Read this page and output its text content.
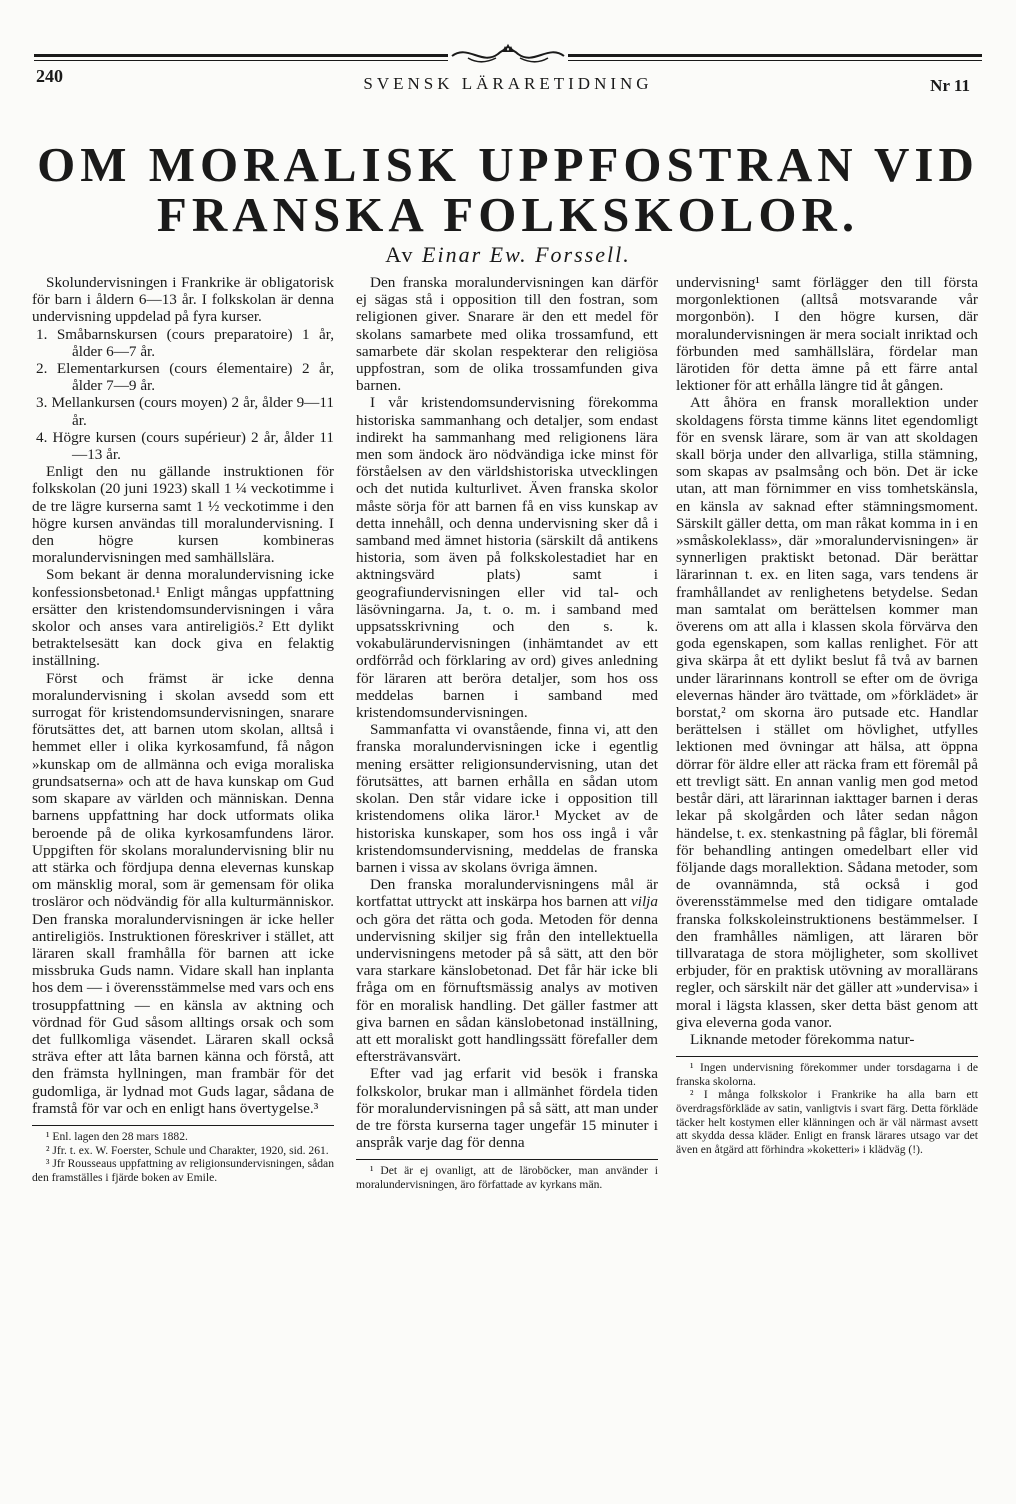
240	SVENSK LÄRARETIDNING	Nr 11
OM MORALISK UPPFOSTRAN VID
FRANSKA FOLKSKOLOR.
Av Einar Ew. Forssell.

Skolundervisningen i Frankrike är obligatorisk för barn i åldern 6—13 år. I folkskolan är denna undervisning uppdelad på fyra kurser.

1. Småbarnskursen (cours preparatoire) 1 år, ålder 6—7 år.
2. Elementarkursen (cours élementaire) 2 år, ålder 7—9 år.
3. Mellankursen (cours moyen) 2 år, ålder 9—11 år.
4. Högre kursen (cours supérieur) 2 år, ålder 11—13 år.

Enligt den nu gällande instruktionen för folkskolan (20 juni 1923) skall 1 ¼ veckotimme i de tre lägre kurserna samt 1 ½ veckotimme i den högre kursen användas till moralundervisning. I den högre kursen kombineras moralundervisningen med samhällslära.

Som bekant är denna moralundervisning icke konfessionsbetonad.¹ Enligt mångas uppfattning ersätter den kristendomsundervisningen i våra skolor och anses vara antireligiös.² Ett dylikt betraktelsesätt kan dock giva en felaktig inställning.

Först och främst är icke denna moralundervisning i skolan avsedd som ett surrogat för kristendomsundervisningen, snarare förutsättes det, att barnen utom skolan, alltså i hemmet eller i olika kyrkosamfund, få någon »kunskap om de allmänna och eviga moraliska grundsatserna» och att de hava kunskap om Gud som skapare av världen och människan. Denna barnens uppfattning har dock utformats olika beroende på de olika kyrkosamfundens läror. Uppgiften för skolans moralundervisning blir nu att stärka och fördjupa denna elevernas kunskap om mänsklig moral, som är gemensam för olika trosläror och nödvändig för alla kulturmänniskor. Den franska moralundervisningen är icke heller antireligiös. Instruktionen föreskriver i stället, att läraren skall framhålla för barnen att icke missbruka Guds namn. Vidare skall han inplanta hos dem — i överensstämmelse med vars och ens trosuppfattning — en känsla av aktning och vördnad för Gud såsom alltings orsak och som det fullkomliga väsendet. Läraren skall också sträva efter att låta barnen känna och förstå, att den främsta hyllningen, man frambär för det gudomliga, är lydnad mot Guds lagar, sådana de framstå för var och en enligt hans övertygelse.³

¹ Enl. lagen den 28 mars 1882.

² Jfr. t. ex. W. Foerster, Schule und Charakter, 1920, sid. 261.

³ Jfr Rousseaus uppfattning av religionsundervisningen, sådan den framställes i fjärde boken av Emile.

Den franska moralundervisningen kan därför ej sägas stå i opposition till den fostran, som religionen giver. Snarare är den ett medel för skolans samarbete med olika trossamfund, ett samarbete där skolan respekterar den religiösa uppfostran, som de olika trossamfunden giva barnen.

I vår kristendomsundervisning förekomma historiska sammanhang och detaljer, som endast indirekt ha sammanhang med religionens lära men som ändock äro nödvändiga icke minst för förståelsen av den världshistoriska utvecklingen och det nutida kulturlivet. Även franska skolor måste sörja för att barnen få en viss kunskap av detta innehåll, och denna undervisning sker då i samband med ämnet historia (särskilt då antikens historia, som även på folkskolestadiet har en aktningsvärd plats) samt i geografiundervisningen eller vid tal- och läsövningarna. Ja, t. o. m. i samband med uppsatsskrivning och den s. k. vokabulärundervisningen (inhämtandet av ett ordförråd och förklaring av ord) gives anledning för läraren att beröra detaljer, som hos oss meddelas barnen i samband med kristendomsundervisningen.

Sammanfatta vi ovanstående, finna vi, att den franska moralundervisningen icke i egentlig mening ersätter religionsundervisning, utan det förutsättes, att barnen erhålla en sådan utom skolan. Den står vidare icke i opposition till kristendomens olika läror.¹ Mycket av de historiska kunskaper, som hos oss ingå i vår kristendomsundervisning, meddelas de franska barnen i vissa av skolans övriga ämnen.

Den franska moralundervisningens mål är kortfattat uttryckt att inskärpa hos barnen att vilja och göra det rätta och goda. Metoden för denna undervisning skiljer sig från den intellektuella undervisningens metoder på så sätt, att den bör vara starkare känslobetonad. Det får här icke bli fråga om en förnuftsmässig analys av motiven för en moralisk handling. Det gäller fastmer att giva barnen en sådan känslobetonad inställning, att ett moraliskt gott handlingssätt förefaller dem eftersträvansvärt.

Efter vad jag erfarit vid besök i franska folkskolor, brukar man i allmänhet fördela tiden för moralundervisningen på så sätt, att man under de tre första kurserna tager ungefär 15 minuter i anspråk varje dag för denna

¹ Det är ej ovanligt, att de läroböcker, man använder i moralundervisningen, äro författade av kyrkans män.

undervisning¹ samt förlägger den till första morgonlektionen (alltså motsvarande vår morgonbön). I den högre kursen, där moralundervisningen är mera socialt inriktad och förbunden med samhällslära, fördelar man lärotiden för detta ämne på ett färre antal lektioner för att erhålla längre tid åt gången.

Att åhöra en fransk morallektion under skoldagens första timme känns litet egendomligt för en svensk lärare, som är van att skoldagen skall börja under den allvarliga, stilla stämning, som skapas av psalmsång och bön. Det är icke utan, att man förnimmer en viss tomhetskänsla, en känsla av saknad efter stämningsmoment. Särskilt gäller detta, om man råkat komma in i en »småskoleklass», där »moralundervisningen» är synnerligen praktiskt betonad. Där berättar lärarinnan t. ex. en liten saga, vars tendens är framhållandet av renlighetens betydelse. Sedan man samtalat om berättelsen kommer man överens om att alla i klassen skola förvärva den goda egenskapen, som kallas renlighet. För att giva skärpa åt ett dylikt beslut få två av barnen under lärarinnans kontroll se efter om de övriga elevernas händer äro tvättade, om »förklädet» är borstat,² om skorna äro putsade etc. Handlar berättelsen i stället om hövlighet, utfylles lektionen med övningar att hälsa, att öppna dörrar för äldre eller att räcka fram ett föremål på ett trevligt sätt. En annan vanlig men god metod består däri, att lärarinnan iakttager barnen i deras lekar på skolgården och låter sedan någon händelse, t. ex. stenkastning på fåglar, bli föremål för behandling antingen omedelbart eller vid följande dags morallektion. Sådana metoder, som de ovannämnda, stå också i god överensstämmelse med den tidigare omtalade franska folkskoleinstruktionens bestämmelser. I den framhålles nämligen, att läraren bör tillvarataga de stora möjligheter, som skollivet erbjuder, för en praktisk utövning av morallärans regler, och särskilt när det gäller att »undervisa» i moral i lägsta klassen, sker detta bäst genom att giva eleverna goda vanor.

Liknande metoder förekomma natur-

¹ Ingen undervisning förekommer under torsdagarna i de franska skolorna.

² I många folkskolor i Frankrike ha alla barn ett överdragsförkläde av satin, vanligtvis i svart färg. Detta förkläde täcker helt kostymen eller klänningen och är väl närmast avsett att skydda dessa kläder. Enligt en fransk lärares utsago var det även en åtgärd att förhindra »koketteri» i klädväg (!).
